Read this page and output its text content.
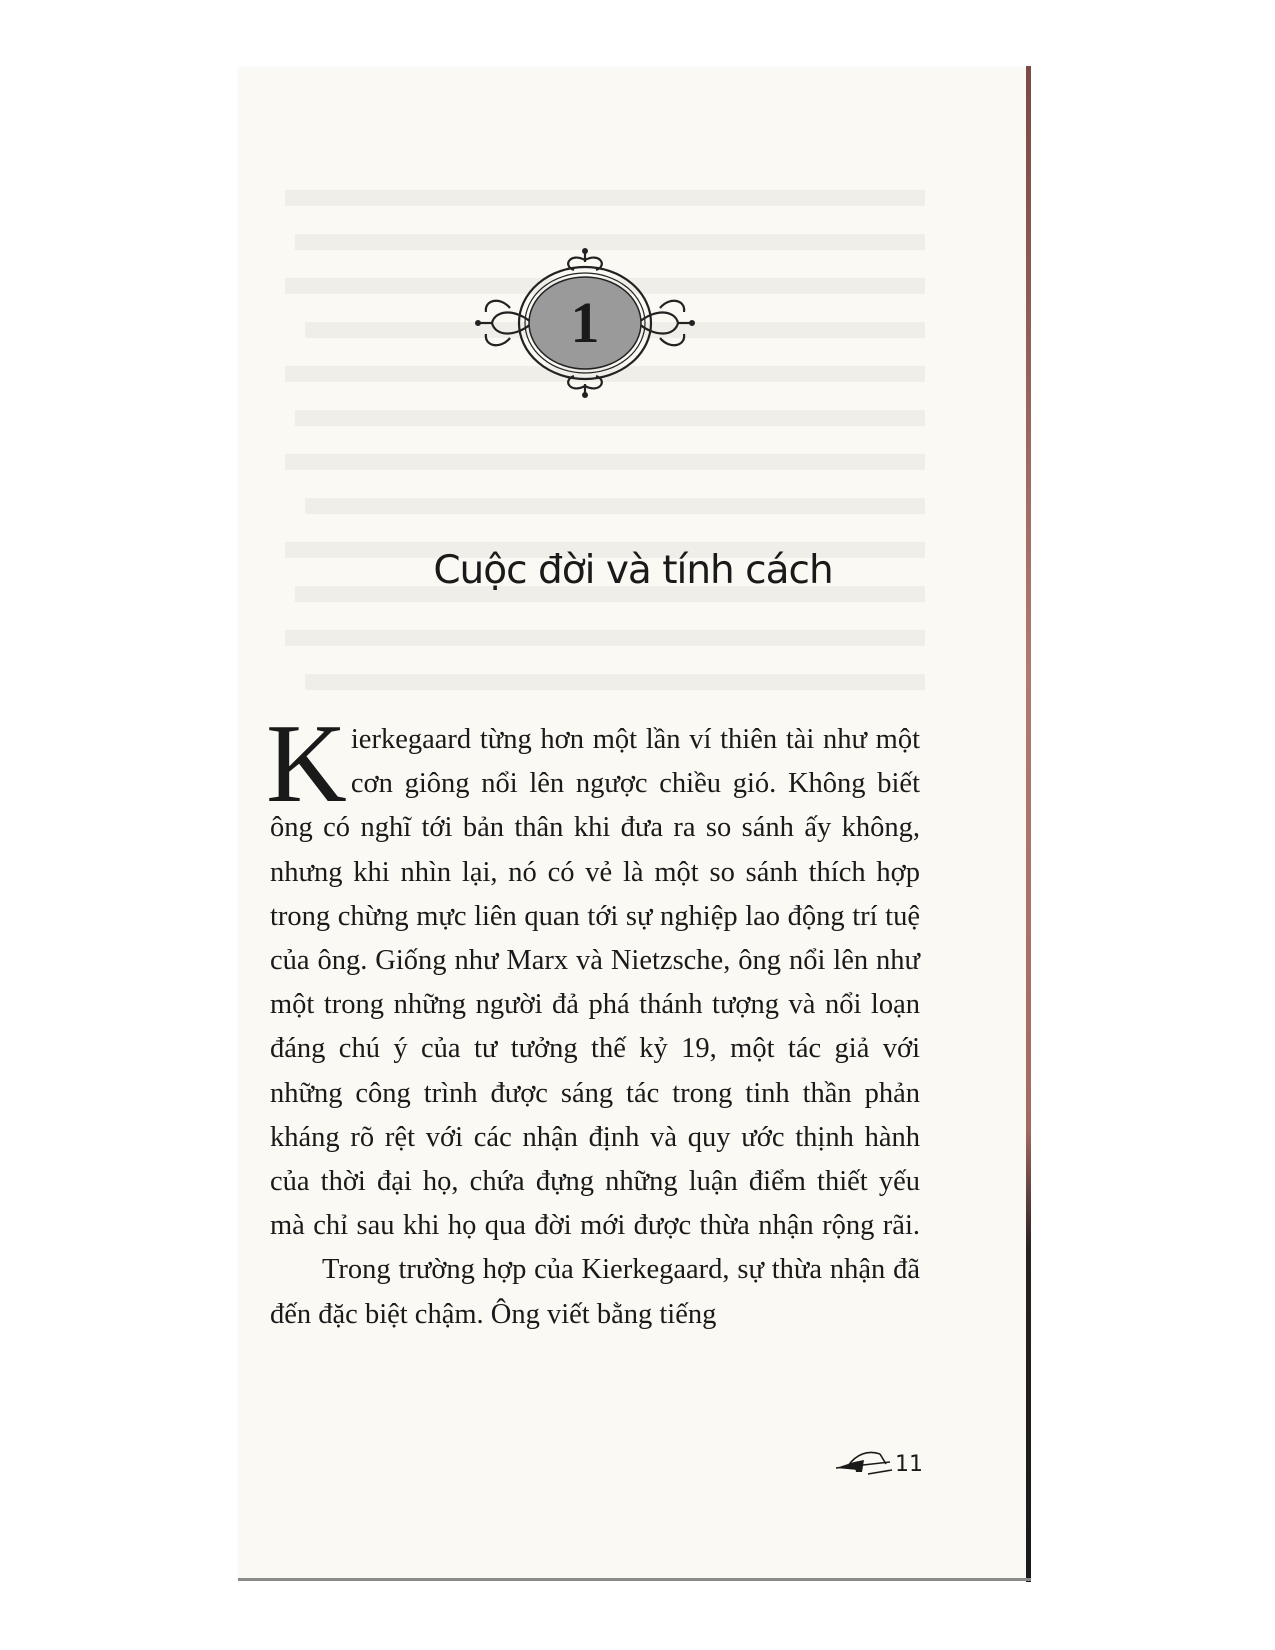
1
Cuộc đời và tính cách

Kierkegaard từng hơn một lần ví thiên tài như một cơn giông nổi lên ngược chiều gió. Không biết ông có nghĩ tới bản thân khi đưa ra so sánh ấy không, nhưng khi nhìn lại, nó có vẻ là một so sánh thích hợp trong chừng mực liên quan tới sự nghiệp lao động trí tuệ của ông. Giống như Marx và Nietzsche, ông nổi lên như một trong những người đả phá thánh tượng và nổi loạn đáng chú ý của tư tưởng thế kỷ 19, một tác giả với những công trình được sáng tác trong tinh thần phản kháng rõ rệt với các nhận định và quy ước thịnh hành của thời đại họ, chứa đựng những luận điểm thiết yếu mà chỉ sau khi họ qua đời mới được thừa nhận rộng rãi.

Trong trường hợp của Kierkegaard, sự thừa nhận đã đến đặc biệt chậm. Ông viết bằng tiếng

11
